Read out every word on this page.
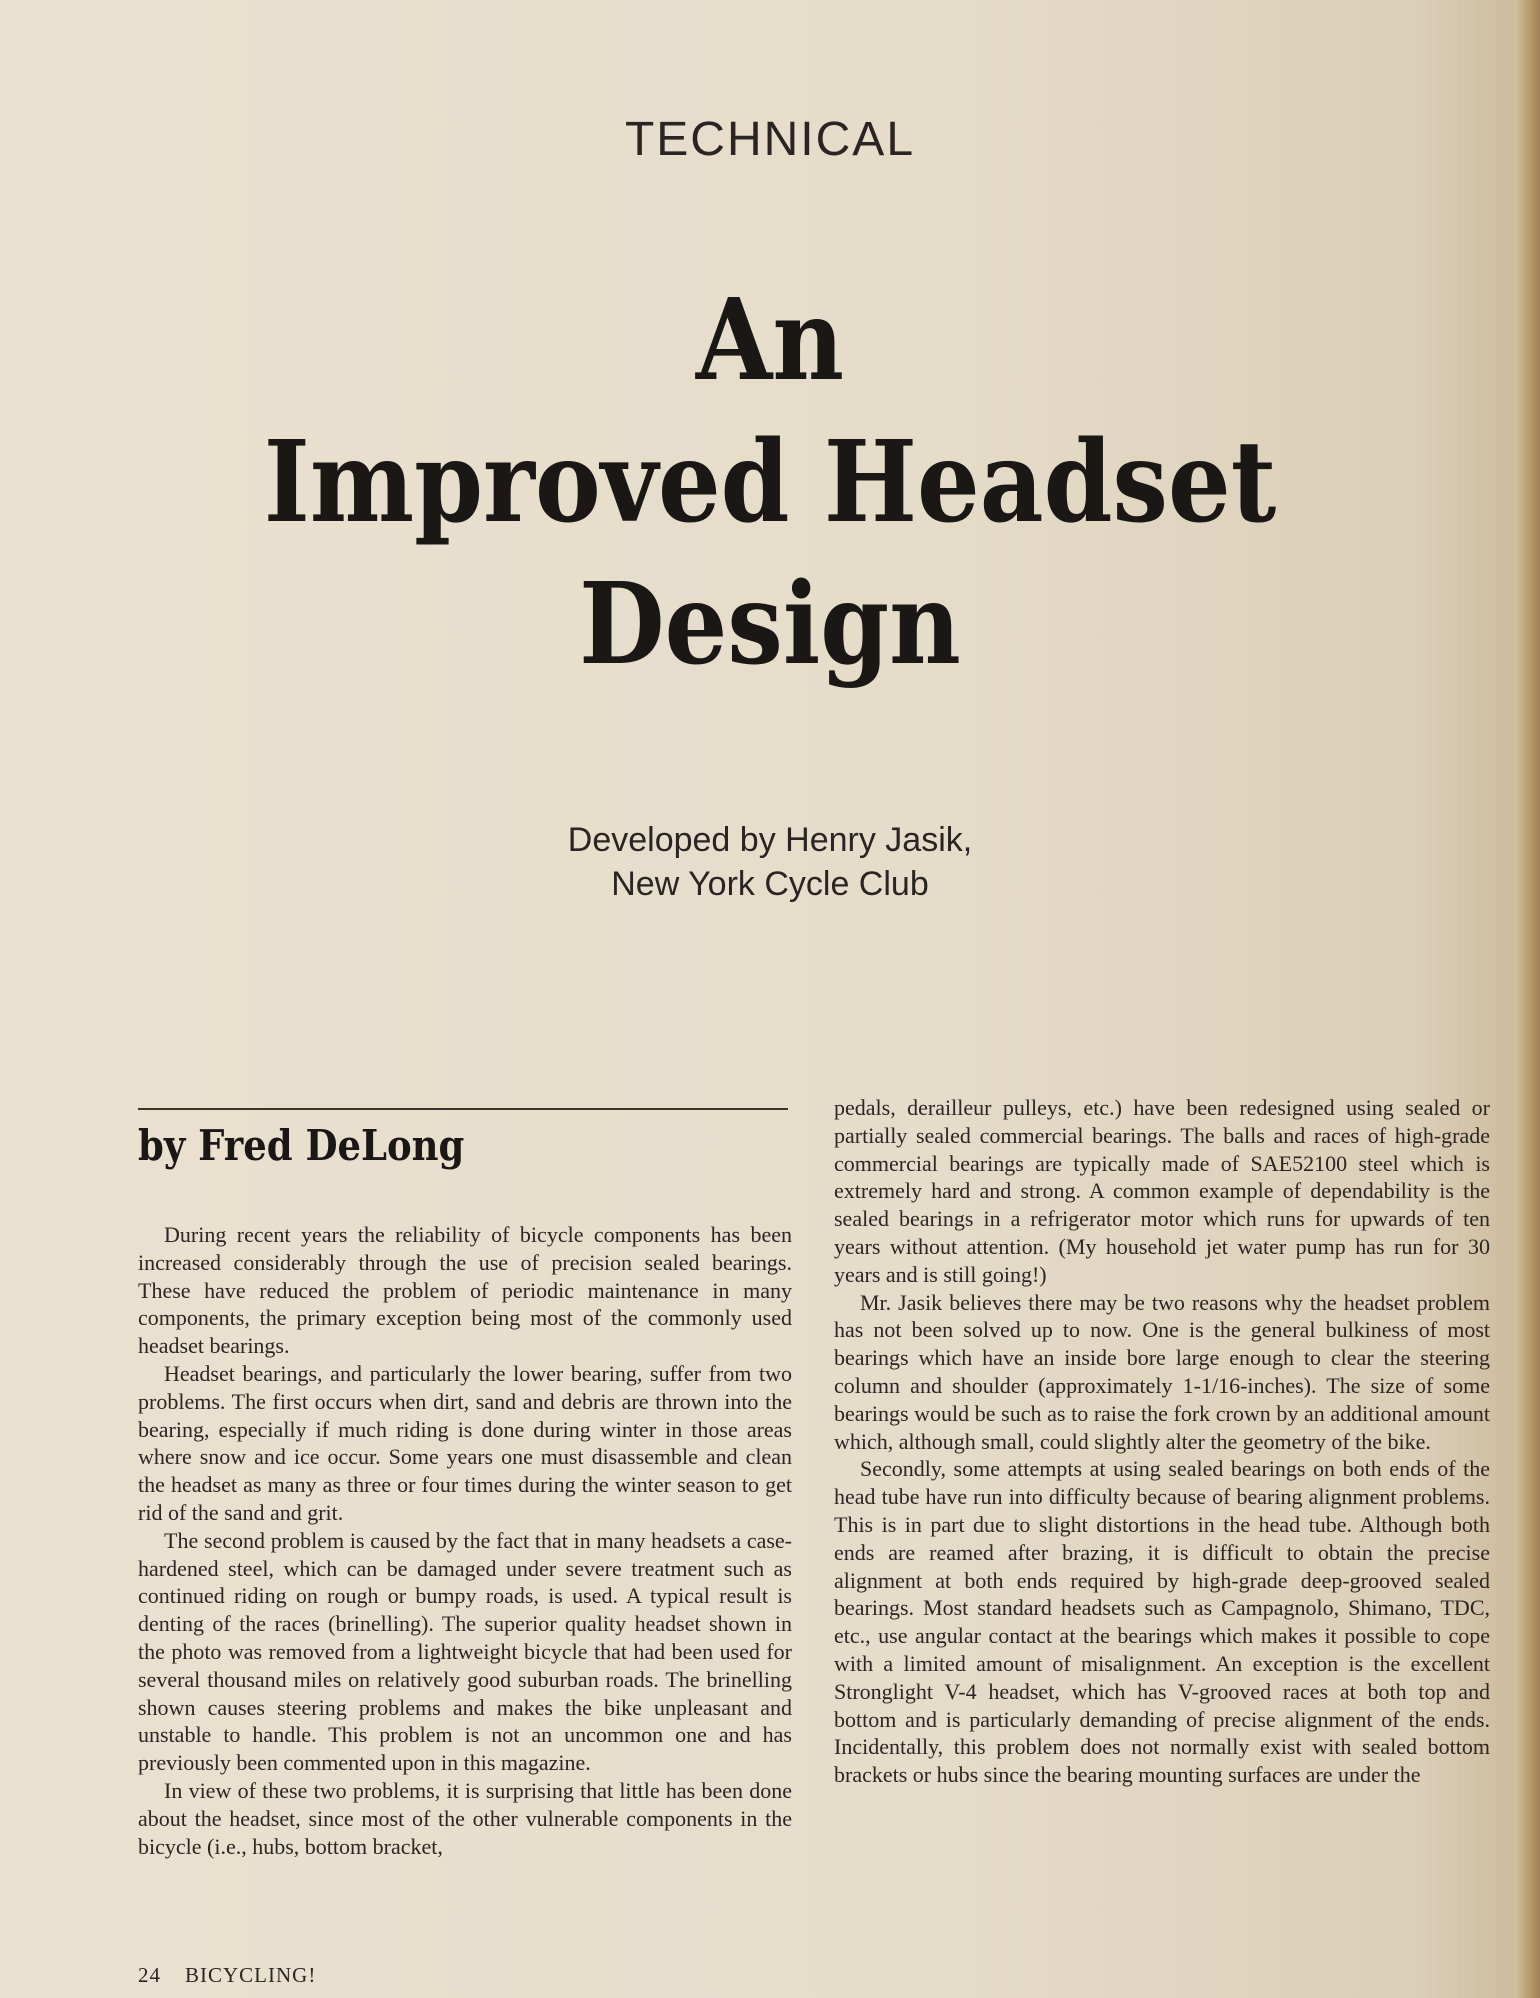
TECHNICAL
An
Improved Headset
Design
Developed by Henry Jasik,
New York Cycle Club
by Fred DeLong

During recent years the reliability of bicycle components has been increased considerably through the use of precision sealed bearings. These have reduced the problem of periodic maintenance in many components, the primary exception being most of the commonly used headset bearings.

Headset bearings, and particularly the lower bearing, suffer from two problems. The first occurs when dirt, sand and debris are thrown into the bearing, especially if much riding is done during winter in those areas where snow and ice occur. Some years one must disassemble and clean the headset as many as three or four times during the winter season to get rid of the sand and grit.

The second problem is caused by the fact that in many headsets a case-hardened steel, which can be damaged under severe treatment such as continued riding on rough or bumpy roads, is used. A typical result is denting of the races (brinelling). The superior quality headset shown in the photo was removed from a lightweight bicycle that had been used for several thousand miles on relatively good suburban roads. The brinelling shown causes steering problems and makes the bike unpleasant and unstable to handle. This problem is not an uncommon one and has previously been commented upon in this magazine.

In view of these two problems, it is surprising that little has been done about the headset, since most of the other vulnerable components in the bicycle (i.e., hubs, bottom bracket,

pedals, derailleur pulleys, etc.) have been redesigned using sealed or partially sealed commercial bearings. The balls and races of high-grade commercial bearings are typically made of SAE52100 steel which is extremely hard and strong. A common example of dependability is the sealed bearings in a refrigerator motor which runs for upwards of ten years without attention. (My household jet water pump has run for 30 years and is still going!)

Mr. Jasik believes there may be two reasons why the headset problem has not been solved up to now. One is the general bulkiness of most bearings which have an inside bore large enough to clear the steering column and shoulder (approximately 1-1/16-inches). The size of some bearings would be such as to raise the fork crown by an additional amount which, although small, could slightly alter the geometry of the bike.

Secondly, some attempts at using sealed bearings on both ends of the head tube have run into difficulty because of bearing alignment problems. This is in part due to slight distortions in the head tube. Although both ends are reamed after brazing, it is difficult to obtain the precise alignment at both ends required by high-grade deep-grooved sealed bearings. Most standard headsets such as Campagnolo, Shimano, TDC, etc., use angular contact at the bearings which makes it possible to cope with a limited amount of misalignment. An exception is the excellent Stronglight V-4 headset, which has V-grooved races at both top and bottom and is particularly demanding of precise alignment of the ends. Incidentally, this problem does not normally exist with sealed bottom brackets or hubs since the bearing mounting surfaces are under the

24 BICYCLING!
